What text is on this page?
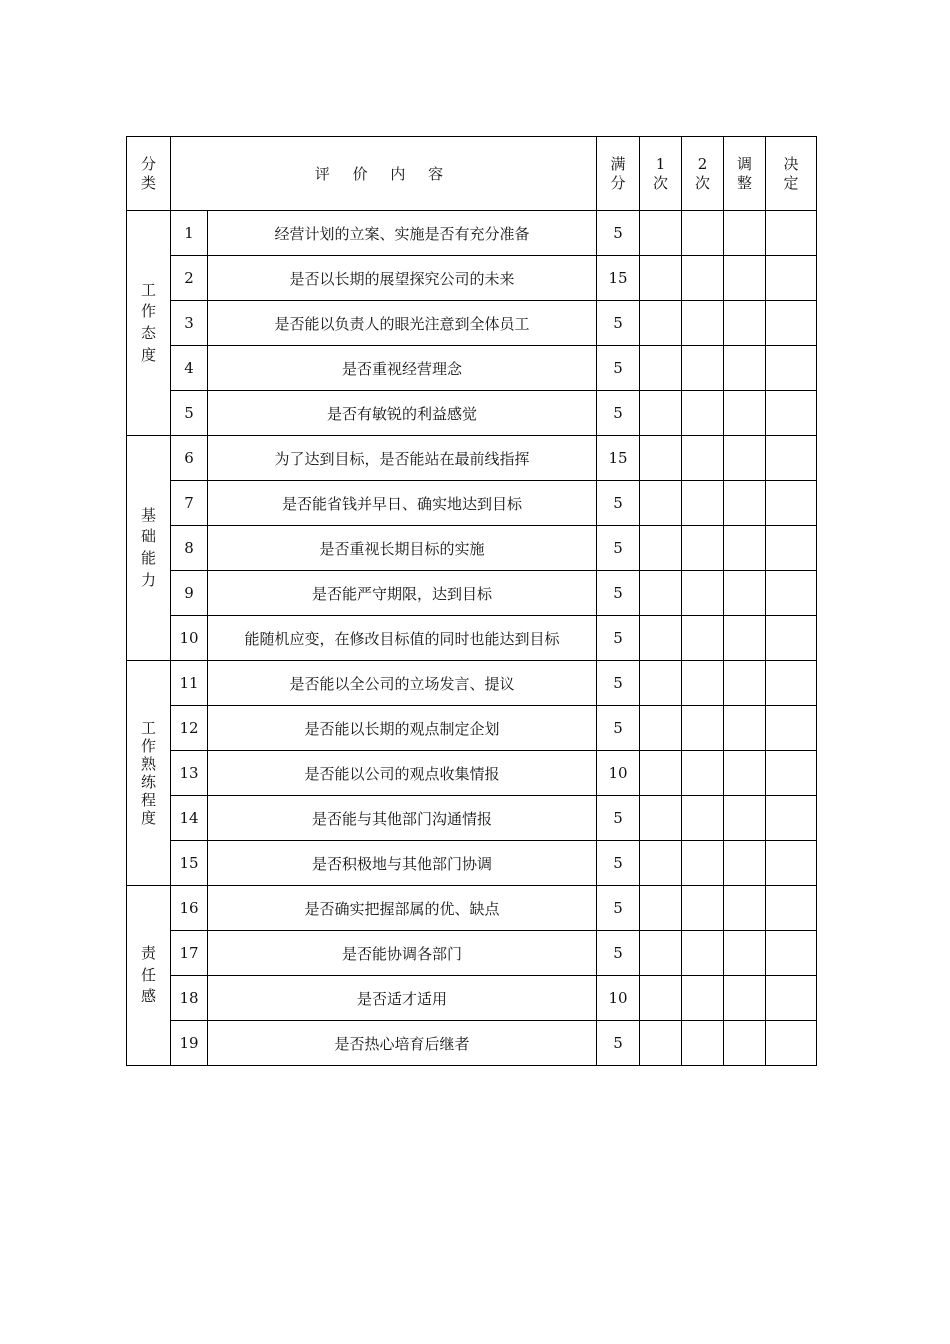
分类	评 价 内 容		满分	1次	2次	调整	决定
工作态度	1	经营计划的立案、实施是否有充分准备	5				
	2	是否以长期的展望探究公司的未来	15				
	3	是否能以负责人的眼光注意到全体员工	5				
	4	是否重视经营理念	5				
	5	是否有敏锐的利益感觉	5				
基础能力	6	为了达到目标，是否能站在最前线指挥	15				
	7	是否能省钱并早日、确实地达到目标	5				
	8	是否重视长期目标的实施	5				
	9	是否能严守期限，达到目标	5				
	10	能随机应变，在修改目标值的同时也能达到目标	5				
工作熟练程度	11	是否能以全公司的立场发言、提议	5				
	12	是否能以长期的观点制定企划	5				
	13	是否能以公司的观点收集情报	10				
	14	是否能与其他部门沟通情报	5				
	15	是否积极地与其他部门协调	5				
责任感	16	是否确实把握部属的优、缺点	5				
	17	是否能协调各部门	5				
	18	是否适才适用	10				
	19	是否热心培育后继者	5				
